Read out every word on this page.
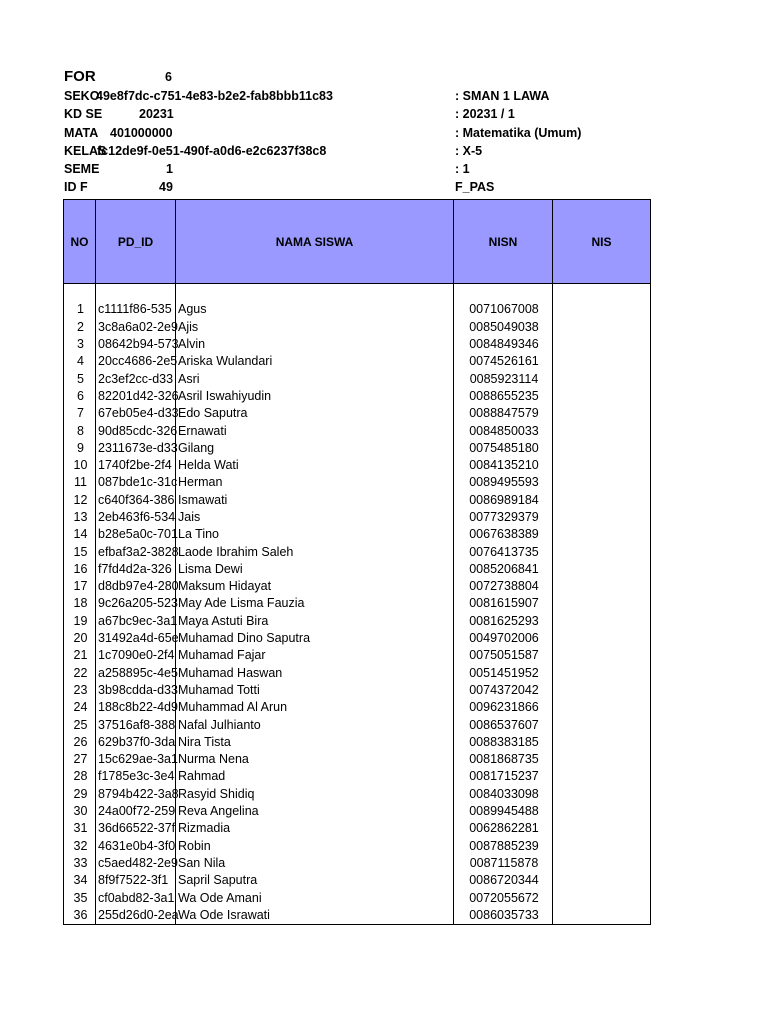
FOR	6
SEKO
49e8f7dc-c751-4e83-b2e2-fab8bbb11c83	: SMAN 1 LAWA
KD SE	20231	: 20231 / 1
MATA 401000000	: Matematika (Umum)
KELAS
fc12de9f-0e51-490f-a0d6-e2c6237f38c8	: X-5
SEME	1	: 1
ID F	49	F_PAS
NO	PD_ID	NAMA SISWA	NISN	NIS

1	c1111f86-535	Agus	0071067008	
2	3c8a6a02-2e9	Ajis	0085049038	
3	08642b94-573	Alvin	0084849346	
4	20cc4686-2e5	Ariska Wulandari	0074526161	
5	2c3ef2cc-d33	Asri	0085923114	
6	82201d42-326	Asril Iswahiyudin	0088655235	
7	67eb05e4-d33	Edo Saputra	0088847579	
8	90d85cdc-326	Ernawati	0084850033	
9	2311673e-d33	Gilang	0075485180	
10	1740f2be-2f4	Helda Wati	0084135210	
11	087bde1c-31c	Herman	0089495593	
12	c640f364-386	Ismawati	0086989184	
13	2eb463f6-534	Jais	0077329379	
14	b28e5a0c-701	La Tino	0067638389	
15	efbaf3a2-3828	Laode Ibrahim Saleh	0076413735	
16	f7fd4d2a-326	Lisma Dewi	0085206841	
17	d8db97e4-280	Maksum Hidayat	0072738804	
18	9c26a205-523	May Ade Lisma Fauzia	0081615907	
19	a67bc9ec-3a1	Maya Astuti Bira	0081625293	
20	31492a4d-65e	Muhamad Dino Saputra	0049702006	
21	1c7090e0-2f4	Muhamad Fajar	0075051587	
22	a258895c-4e5	Muhamad Haswan	0051451952	
23	3b98cdda-d33	Muhamad Totti	0074372042	
24	188c8b22-4d9	Muhammad Al Arun	0096231866	
25	37516af8-388	Nafal Julhianto	0086537607	
26	629b37f0-3da	Nira Tista	0088383185	
27	15c629ae-3a1	Nurma Nena	0081868735	
28	f1785e3c-3e4	Rahmad	0081715237	
29	8794b422-3a8	Rasyid Shidiq	0084033098	
30	24a00f72-259	Reva Angelina	0089945488	
31	36d66522-37f	Rizmadia	0062862281	
32	4631e0b4-3f0	Robin	0087885239	
33	c5aed482-2e9	San Nila	0087115878	
34	8f9f7522-3f1	Sapril Saputra	0086720344	
35	cf0abd82-3a1	Wa Ode Amani	0072055672	
36	255d26d0-2ea	Wa Ode Israwati	0086035733	
